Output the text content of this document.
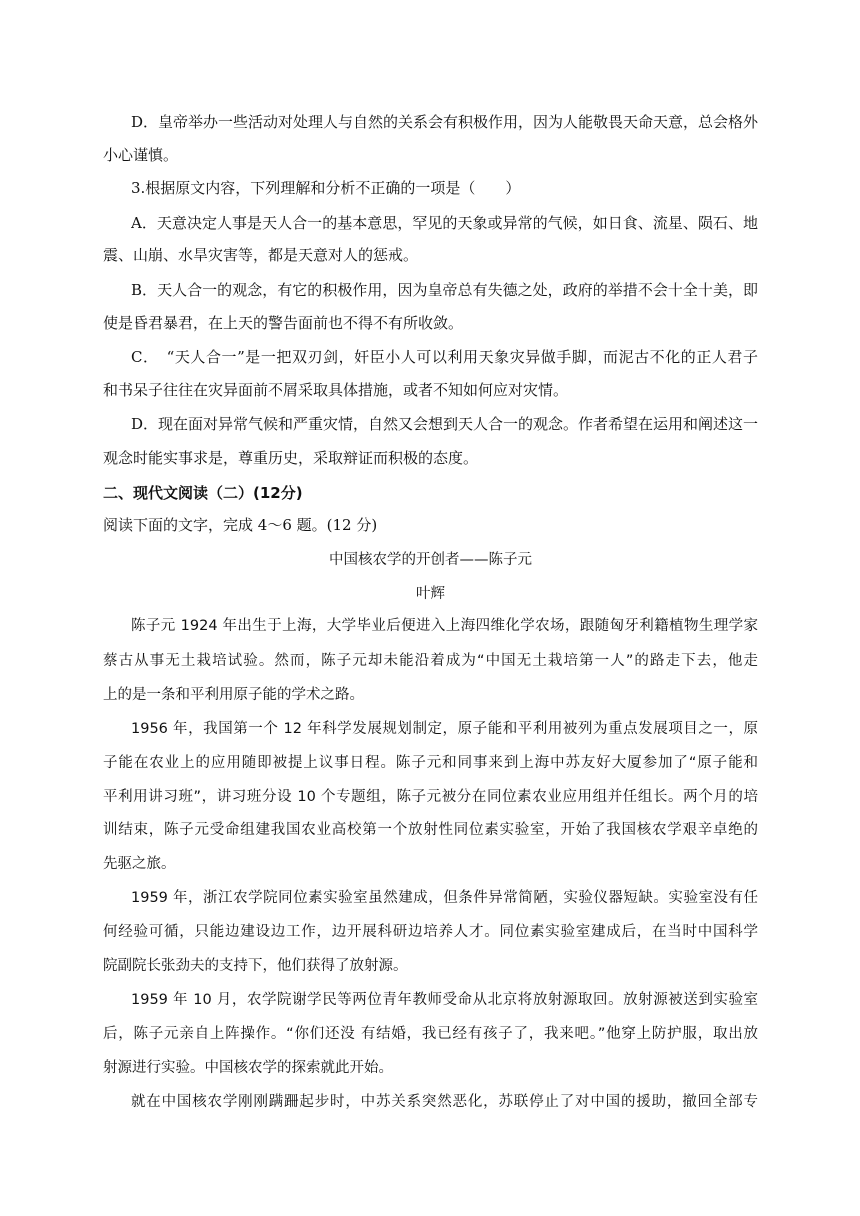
D．皇帝举办一些活动对处理人与自然的关系会有积极作用，因为人能敬畏天命天意，总会格外
小心谨慎。
3.根据原文内容，下列理解和分析不正确的一项是（　　）
A．天意决定人事是天人合一的基本意思，罕见的天象或异常的气候，如日食、流星、陨石、地
震、山崩、水旱灾害等，都是天意对人的惩戒。
B．天人合一的观念，有它的积极作用，因为皇帝总有失德之处，政府的举措不会十全十美，即
使是昏君暴君，在上天的警告面前也不得不有所收敛。
C．　“天人合一”是一把双刃剑，奸臣小人可以利用天象灾异做手脚，而泥古不化的正人君子
和书呆子往往在灾异面前不屑采取具体措施，或者不知如何应对灾情。
D．现在面对异常气候和严重灾情，自然又会想到天人合一的观念。作者希望在运用和阐述这一
观念时能实事求是，尊重历史，采取辩证而积极的态度。
二、现代文阅读（二）(12分)
阅读下面的文字，完成 4～6 题。(12 分)
中国核农学的开创者——陈子元
叶辉
陈子元 1924 年出生于上海，大学毕业后便进入上海四维化学农场，跟随匈牙利籍植物生理学家
蔡古从事无土栽培试验。然而，陈子元却未能沿着成为“中国无土栽培第一人”的路走下去，他走
上的是一条和平利用原子能的学术之路。
1956 年，我国第一个 12 年科学发展规划制定，原子能和平利用被列为重点发展项目之一，原
子能在农业上的应用随即被提上议事日程。陈子元和同事来到上海中苏友好大厦参加了“原子能和
平利用讲习班”，讲习班分设 10 个专题组，陈子元被分在同位素农业应用组并任组长。两个月的培
训结束，陈子元受命组建我国农业高校第一个放射性同位素实验室，开始了我国核农学艰辛卓绝的
先驱之旅。
1959 年，浙江农学院同位素实验室虽然建成，但条件异常简陋，实验仪器短缺。实验室没有任
何经验可循，只能边建设边工作，边开展科研边培养人才。同位素实验室建成后，在当时中国科学
院副院长张劲夫的支持下，他们获得了放射源。
1959 年 10 月，农学院谢学民等两位青年教师受命从北京将放射源取回。放射源被送到实验室
后，陈子元亲自上阵操作。“你们还没 有结婚，我已经有孩子了，我来吧。”他穿上防护服，取出放
射源进行实验。中国核农学的探索就此开始。
就在中国核农学刚刚蹒跚起步时，中苏关系突然恶化，苏联停止了对中国的援助，撤回全部专
